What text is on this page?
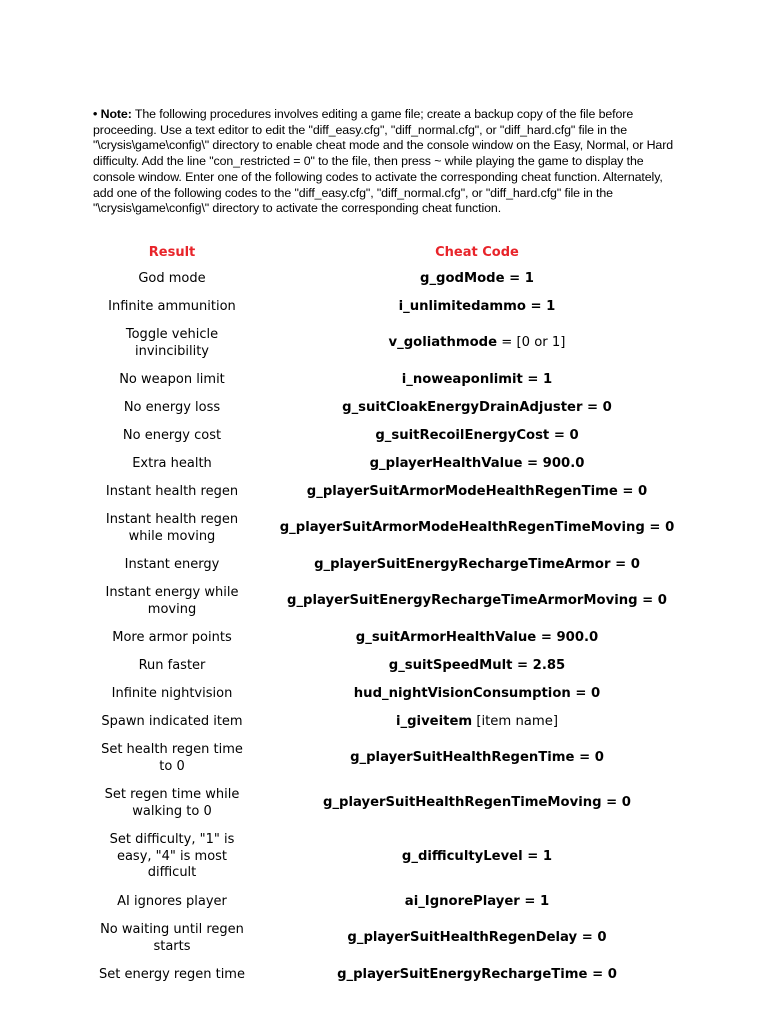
• Note: The following procedures involves editing a game file; create a backup copy of the file before proceeding. Use a text editor to edit the "diff_easy.cfg", "diff_normal.cfg", or "diff_hard.cfg" file in the "\crysis\game\config\" directory to enable cheat mode and the console window on the Easy, Normal, or Hard difficulty. Add the line "con_restricted = 0" to the file, then press ~ while playing the game to display the console window. Enter one of the following codes to activate the corresponding cheat function. Alternately, add one of the following codes to the "diff_easy.cfg", "diff_normal.cfg", or "diff_hard.cfg" file in the "\crysis\game\config\" directory to activate the corresponding cheat function.
Result	Cheat Code
God mode	g_godMode = 1
Infinite ammunition	i_unlimitedammo = 1
Toggle vehicle invincibility	v_goliathmode = [0 or 1]
No weapon limit	i_noweaponlimit = 1
No energy loss	g_suitCloakEnergyDrainAdjuster = 0
No energy cost	g_suitRecoilEnergyCost = 0
Extra health	g_playerHealthValue = 900.0
Instant health regen	g_playerSuitArmorModeHealthRegenTime = 0
Instant health regen while moving	g_playerSuitArmorModeHealthRegenTimeMoving = 0
Instant energy	g_playerSuitEnergyRechargeTimeArmor = 0
Instant energy while moving	g_playerSuitEnergyRechargeTimeArmorMoving = 0
More armor points	g_suitArmorHealthValue = 900.0
Run faster	g_suitSpeedMult = 2.85
Infinite nightvision	hud_nightVisionConsumption = 0
Spawn indicated item	i_giveitem [item name]
Set health regen time to 0	g_playerSuitHealthRegenTime = 0
Set regen time while walking to 0	g_playerSuitHealthRegenTimeMoving = 0
Set difficulty, "1" is easy, "4" is most difficult	g_difficultyLevel = 1
AI ignores player	ai_IgnorePlayer = 1
No waiting until regen starts	g_playerSuitHealthRegenDelay = 0
Set energy regen time	g_playerSuitEnergyRechargeTime = 0
